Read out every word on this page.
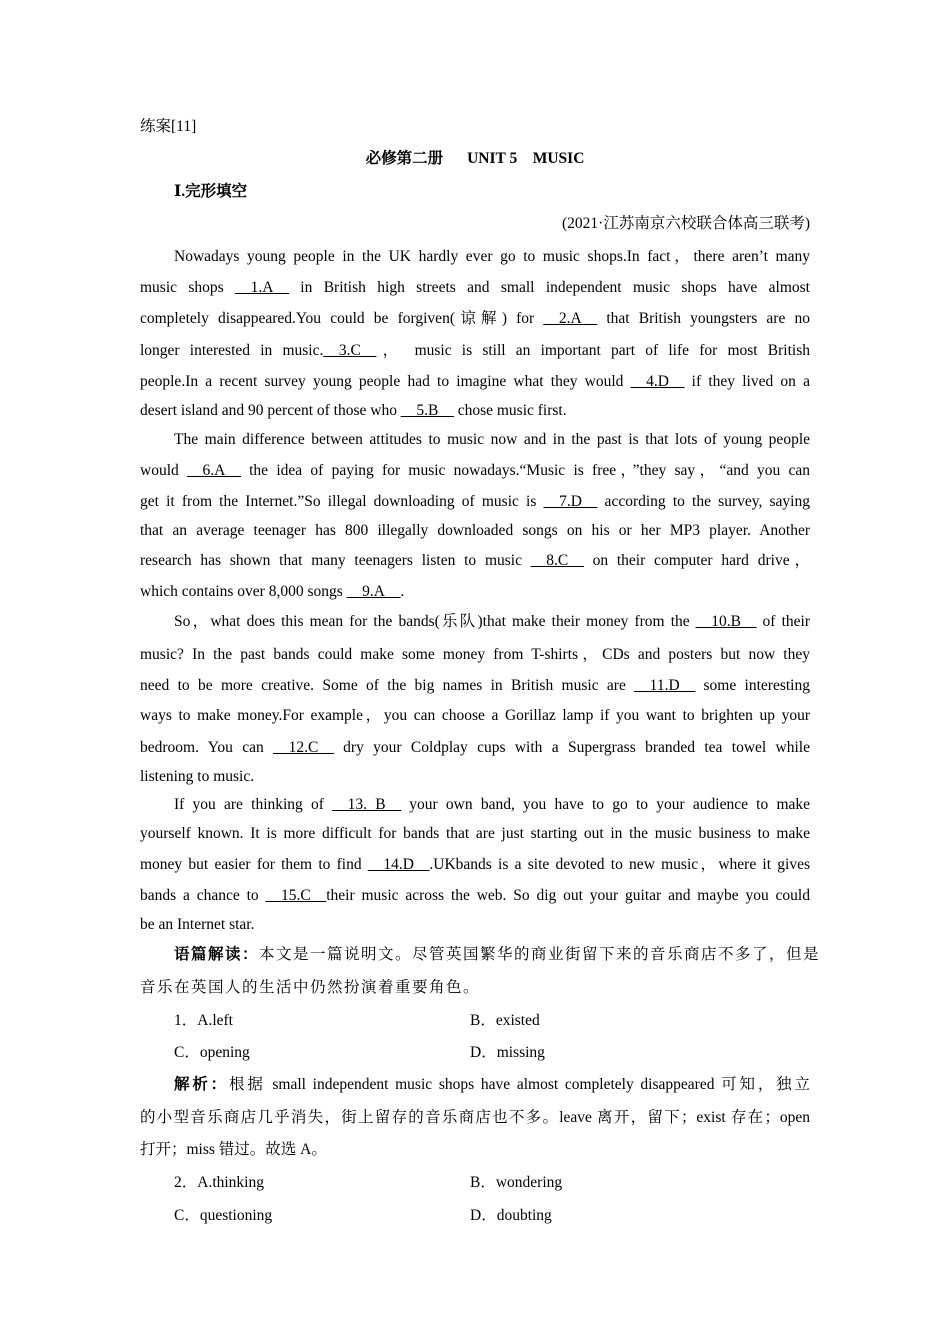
练案[11]
必修第二册 UNIT 5　MUSIC
Ⅰ.完形填空
(2021·江苏南京六校联合体高三联考)
Nowadays young people in the UK hardly ever go to music shops.In fact，there aren’t many
music shops __1.A__ in British high streets and small independent music shops have almost
completely disappeared.You could be forgiven(谅解) for __2.A__ that British youngsters are no
longer interested in music.__3.C__， music is still an important part of life for most British
people.In a recent survey young people had to imagine what they would __4.D__ if they lived on a
desert island and 90 percent of those who __5.B__ chose music first.
The main difference between attitudes to music now and in the past is that lots of young people
would __6.A__ the idea of paying for music nowadays.“Music is free，”they say，“and you can
get it from the Internet.”So illegal downloading of music is __7.D__ according to the survey, saying
that an average teenager has 800 illegally downloaded songs on his or her MP3 player. Another
research has shown that many teenagers listen to music __8.C__ on their computer hard drive，
which contains over 8,000 songs __9.A__.
So，what does this mean for the bands(乐队)that make their money from the __10.B__ of their
music? In the past bands could make some money from T-shirts，CDs and posters but now they
need to be more creative. Some of the big names in British music are __11.D__ some interesting
ways to make money.For example，you can choose a Gorillaz lamp if you want to brighten up your
bedroom. You can __12.C__ dry your Coldplay cups with a Supergrass branded tea towel while
listening to music.
If you are thinking of __13. B__ your own band, you have to go to your audience to make
yourself known. It is more difficult for bands that are just starting out in the music business to make
money but easier for them to find __14.D__.UKbands is a site devoted to new music，where it gives
bands a chance to __15.C__their music across the web. So dig out your guitar and maybe you could
be an Internet star.
语篇解读：本文是一篇说明文。尽管英国繁华的商业街留下来的音乐商店不多了，但是
音乐在英国人的生活中仍然扮演着重要角色。
1．A.left	B．existed
C．opening	D．missing
解析：根据 small independent music shops have almost completely disappeared 可知，独立
的小型音乐商店几乎消失，街上留存的音乐商店也不多。leave 离开，留下；exist 存在；open
打开；miss 错过。故选 A。
2．A.thinking	B．wondering
C．questioning	D．doubting
